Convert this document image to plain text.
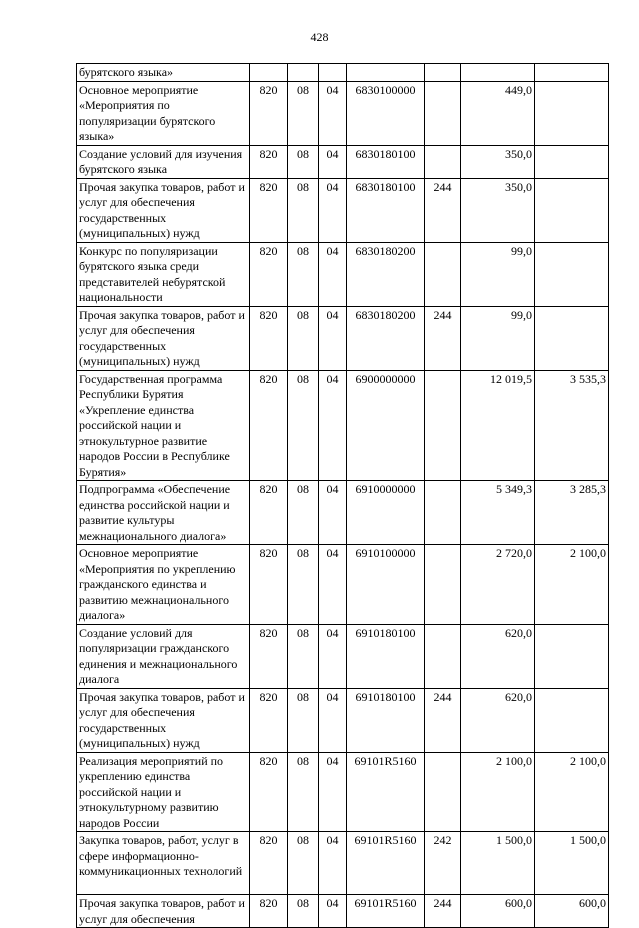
428
бурятского языка»							
Основное мероприятие «Мероприятия по популяризации бурятского языка»	820	08	04	6830100000		449,0	
Создание условий для изучения бурятского языка	820	08	04	6830180100		350,0	
Прочая закупка товаров, работ и услуг для обеспечения государственных (муниципальных) нужд	820	08	04	6830180100	244	350,0	
Конкурс по популяризации бурятского языка среди представителей небурятской национальности	820	08	04	6830180200		99,0	
Прочая закупка товаров, работ и услуг для обеспечения государственных (муниципальных) нужд	820	08	04	6830180200	244	99,0	
Государственная программа Республики Бурятия «Укрепление единства российской нации и этнокультурное развитие народов России в Республике Бурятия»	820	08	04	6900000000		12 019,5	3 535,3
Подпрограмма «Обеспечение единства российской нации и развитие культуры межнационального диалога»	820	08	04	6910000000		5 349,3	3 285,3
Основное мероприятие «Мероприятия по укреплению гражданского единства и развитию межнационального диалога»	820	08	04	6910100000		2 720,0	2 100,0
Создание условий для популяризации гражданского единения и межнационального диалога	820	08	04	6910180100		620,0	
Прочая закупка товаров, работ и услуг для обеспечения государственных (муниципальных) нужд	820	08	04	6910180100	244	620,0	
Реализация мероприятий по укреплению единства российской нации и этнокультурному развитию народов России	820	08	04	69101R5160		2 100,0	2 100,0
Закупка товаров, работ, услуг в сфере информационно-коммуникационных технологий	820	08	04	69101R5160	242	1 500,0	1 500,0
Прочая закупка товаров, работ и услуг для обеспечения	820	08	04	69101R5160	244	600,0	600,0
